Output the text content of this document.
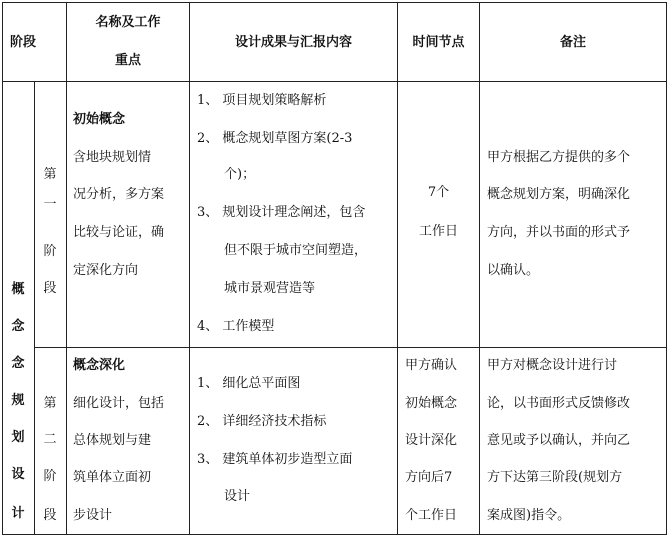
阶段
名称及工作
重点
设计成果与汇报内容	时间节点	备注
概
念
念
规
划
设
计
第
一
阶
段
初始概念
含地块规划情
况分析，多方案
比较与论证，确
定深化方向
1、 项目规划策略解析
2、 概念规划草图方案(2-3
个)；
3、 规划设计理念阐述，包含
但不限于城市空间塑造，
城市景观营造等
4、 工作模型
7个
工作日
甲方根据乙方提供的多个
概念规划方案，明确深化
方向，并以书面的形式予
以确认。
第
二
阶
段
概念深化
细化设计，包括
总体规划与建
筑单体立面初
步设计
1、 细化总平面图
2、 详细经济技术指标
3、 建筑单体初步造型立面
设计
甲方确认
初始概念
设计深化
方向后7
个工作日
甲方对概念设计进行讨
论，以书面形式反馈修改
意见或予以确认，并向乙
方下达第三阶段(规划方
案成图)指令。
